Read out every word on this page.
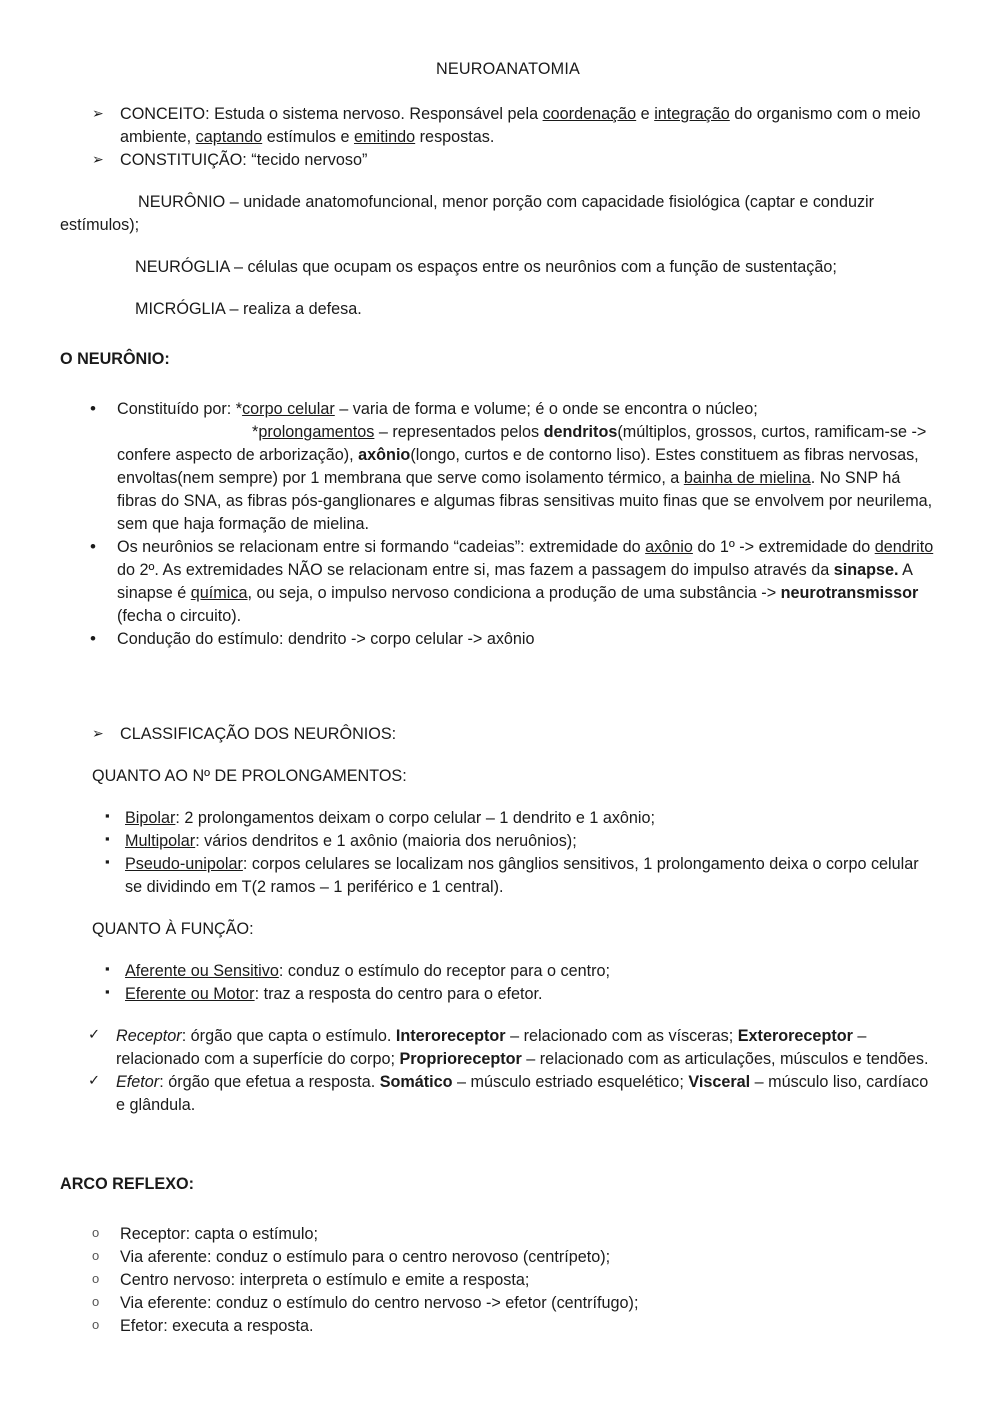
NEUROANATOMIA
➢	CONCEITO: Estuda o sistema nervoso. Responsável pela coordenação e integração do organismo com o meio ambiente, captando estímulos e emitindo respostas.
➢	CONSTITUIÇÃO: “tecido nervoso”

NEURÔNIO – unidade anatomofuncional, menor porção com capacidade fisiológica (captar e conduzir estímulos);

NEURÓGLIA – células que ocupam os espaços entre os neurônios com a função de sustentação;

MICRÓGLIA – realiza a defesa.

O NEURÔNIO:

•	Constituído por: *corpo celular – varia de forma e volume; é o onde se encontra o núcleo;

*prolongamentos – representados pelos dendritos(múltiplos, grossos, curtos, ramificam-se -> confere aspecto de arborização), axônio(longo, curtos e de contorno liso). Estes constituem as fibras nervosas, envoltas(nem sempre) por 1 membrana que serve como isolamento térmico, a bainha de mielina. No SNP há fibras do SNA, as fibras pós-ganglionares e algumas fibras sensitivas muito finas que se envolvem por neurilema, sem que haja formação de mielina.
•	Os neurônios se relacionam entre si formando “cadeias”: extremidade do axônio do 1º -> extremidade do dendrito do 2º. As extremidades NÃO se relacionam entre si, mas fazem a passagem do impulso através da sinapse. A sinapse é química, ou seja, o impulso nervoso condiciona a produção de uma substância -> neurotransmissor (fecha o circuito).
•	Condução do estímulo: dendrito -> corpo celular -> axônio
➢	CLASSIFICAÇÃO DOS NEURÔNIOS:

QUANTO AO Nº DE PROLONGAMENTOS:

▪ Bipolar: 2 prolongamentos deixam o corpo celular – 1 dendrito e 1 axônio;
▪ Multipolar: vários dendritos e 1 axônio (maioria dos neruônios);
▪ Pseudo-unipolar: corpos celulares se localizam nos gânglios sensitivos, 1 prolongamento deixa o corpo celular se dividindo em T(2 ramos – 1 periférico e 1 central).

QUANTO À FUNÇÃO:

▪ Aferente ou Sensitivo: conduz o estímulo do receptor para o centro;
▪ Eferente ou Motor: traz a resposta do centro para o efetor.
✓ Receptor: órgão que capta o estímulo. Interoreceptor – relacionado com as vísceras; Exteroreceptor – relacionado com a superfície do corpo; Proprioreceptor – relacionado com as articulações, músculos e tendões.
✓ Efetor: órgão que efetua a resposta. Somático – músculo estriado esquelético; Visceral – músculo liso, cardíaco e glândula.

ARCO REFLEXO:

o	Receptor: capta o estímulo;
o	Via aferente: conduz o estímulo para o centro nerovoso (centrípeto);
o	Centro nervoso: interpreta o estímulo e emite a resposta;
o	Via eferente: conduz o estímulo do centro nervoso -> efetor (centrífugo);
o	Efetor: executa a resposta.
